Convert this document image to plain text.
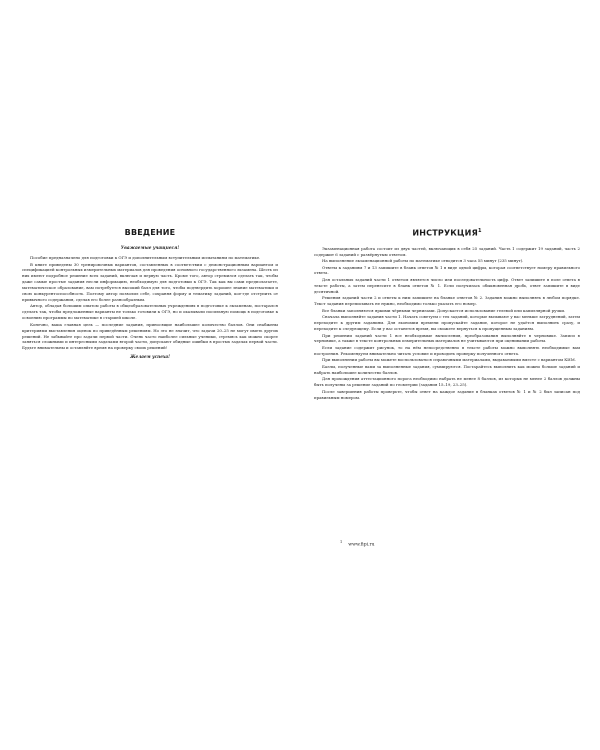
ВВЕДЕНИЕ

Уважаемые учащиеся!

Пособие предназначено для подготовки к ОГЭ и дополнительным вступительным испытаниям по математике.

В книге приведены 30 тренировочных вариантов, составленных в соответствии с демонстрационным вариантом и спецификацией контрольных измерительных материалов для проведения основного государственного экзамена. Шесть из них имеют подробное решение всех заданий, включая и первую часть. Кроме того, автор стремился сделать так, чтобы даже самые простые задания несли информацию, необходимую для подготовки к ОГЭ. Так как вы сами предполагаете, математическое образование, вам потребуется высокий балл для того, чтобы подтвердить хорошее знание математики и свою конкурентоспособность. Поэтому автор позволил себе, сохраняя форму и тематику заданий, кое-где отступить от привычного содержания, сделав его более разнообразным.

Автор, обладая большим опытом работы в общеобразовательных учреждениях в подготовке к экзаменам, постарался сделать так, чтобы предложенные варианты не только готовили к ОГЭ, но и оказывали посильную помощь в подготовке к освоению программы по математике в старшей школе.

Конечно, ваша главная цель — последние задания, приносящие наибольшее количество баллов. Они снабжены критериями выставления оценок по приведённым решениям. Но это не значит, что задачи 20–25 не могут иметь других решений. Не забывайте про задачи первой части. Очень часто наиболее сильные ученики, стремясь как можно скорее заняться сложными и интересными задачами второй части, допускают обидные ошибки в простых задачах первой части. Будьте внимательны и оставляйте время на проверку своих решений!

Желаем успеха!

ИНСТРУКЦИЯ$^1$

Экзаменационная работа состоит из двух частей, включающих в себя 25 заданий. Часть 1 содержит 19 заданий, часть 2 содержит 6 заданий с развёрнутым ответом.

На выполнение экзаменационной работы по математике отводится 3 часа 55 минут (235 минут).

Ответы к заданиям 7 и 13 запишите в бланк ответов № 1 в виде одной цифры, которая соответствует номеру правильного ответа.

Для остальных заданий части 1 ответом является число или последовательность цифр. Ответ запишите в поле ответа в тексте работы, а затем перенесите в бланк ответов № 1. Если получилась обыкновенная дробь, ответ запишите в виде десятичной.

Решения заданий части 2 и ответы к ним запишите на бланке ответов № 2. Задания можно выполнять в любом порядке. Текст задания переписывать не нужно, необходимо только указать его номер.

Все бланки заполняются яркими чёрными чернилами. Допускается использование гелевой или капиллярной ручки.

Сначала выполняйте задания части 1. Начать советуем с тех заданий, которые вызывают у вас меньше затруднений, затем переходите к другим заданиям. Для экономии времени пропускайте задание, которое не удаётся выполнить сразу, и переходите к следующему. Если у вас останется время, вы сможете вернуться к пропущенным заданиям.

При решении заданий части 1 все необходимые вычисления, преобразования выполняйте в черновике. Записи в черновике, а также в тексте контрольных измерительных материалов не учитываются при оценивании работы.

Если задание содержит рисунок, то на нём непосредственно в тексте работы можно выполнять необходимые вам построения. Рекомендуем внимательно читать условие и проводить проверку полученного ответа.

При выполнении работы вы можете воспользоваться справочными материалами, выдаваемыми вместе с вариантом КИМ.

Баллы, полученные вами за выполненные задания, суммируются. Постарайтесь выполнить как можно больше заданий и набрать наибольшее количество баллов.

Для прохождения аттестационного порога необходимо набрать не менее 8 баллов, из которых не менее 2 баллов должны быть получены за решение заданий по геометрии (задания 15–19, 23–25).

После завершения работы проверьте, чтобы ответ на каждое задание в бланках ответов № 1 и № 2 был записан под правильным номером.

$^1$www.fipi.ru
